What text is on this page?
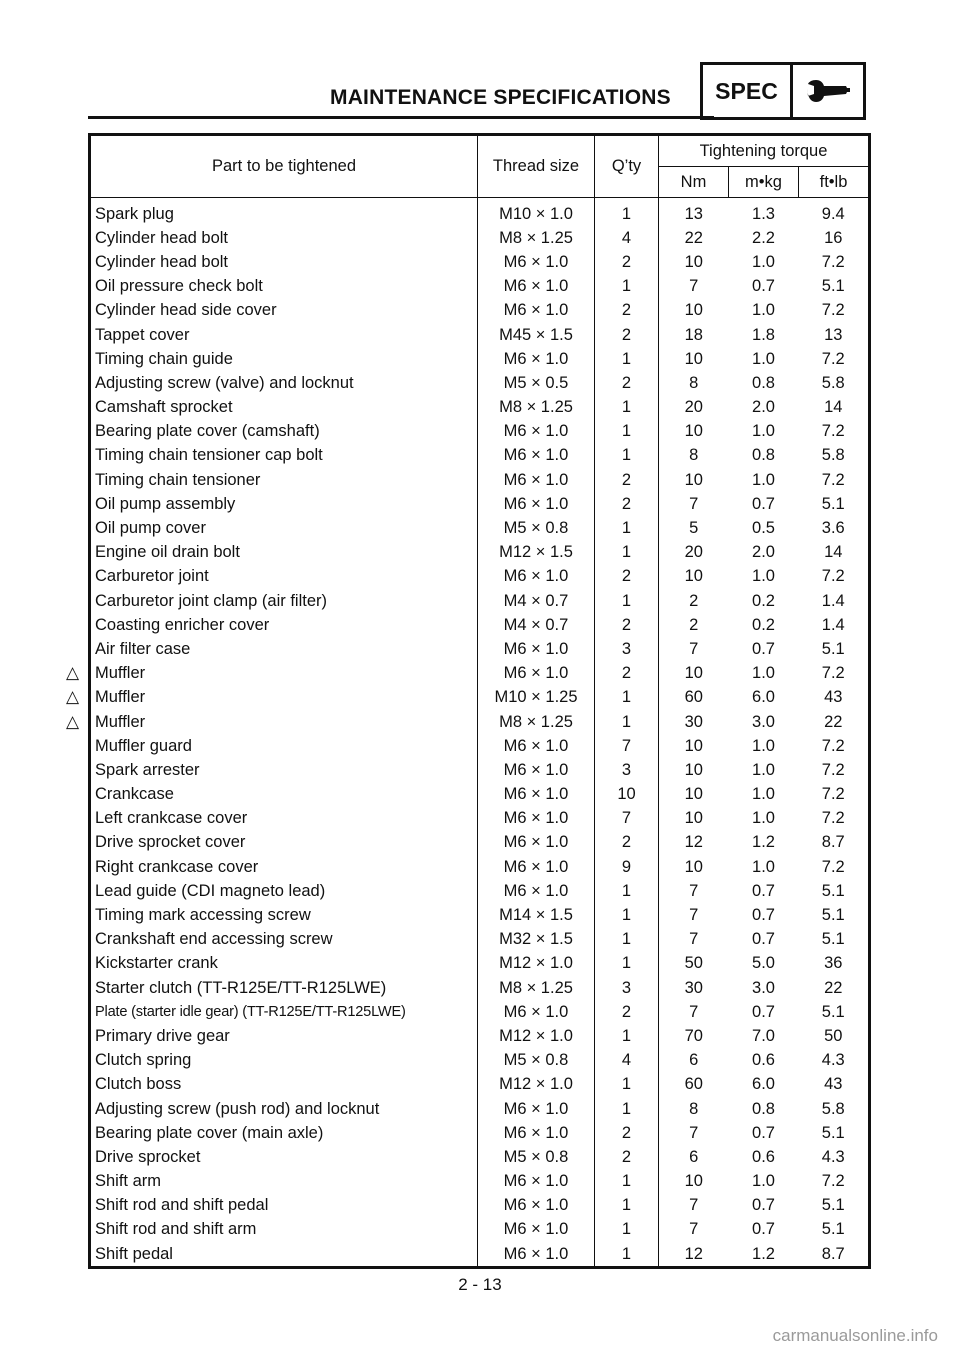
MAINTENANCE SPECIFICATIONS	SPEC
Part to be tightened	Thread size	Q’ty	Tightening torque		
			Nm	m•kg	ft•lb
Spark plug	M10 × 1.0	1	13	1.3	9.4
Cylinder head bolt	M8 × 1.25	4	22	2.2	16
Cylinder head bolt	M6 × 1.0	2	10	1.0	7.2
Oil pressure check bolt	M6 × 1.0	1	7	0.7	5.1
Cylinder head side cover	M6 × 1.0	2	10	1.0	7.2
Tappet cover	M45 × 1.5	2	18	1.8	13
Timing chain guide	M6 × 1.0	1	10	1.0	7.2
Adjusting screw (valve) and locknut	M5 × 0.5	2	8	0.8	5.8
Camshaft sprocket	M8 × 1.25	1	20	2.0	14
Bearing plate cover (camshaft)	M6 × 1.0	1	10	1.0	7.2
Timing chain tensioner cap bolt	M6 × 1.0	1	8	0.8	5.8
Timing chain tensioner	M6 × 1.0	2	10	1.0	7.2
Oil pump assembly	M6 × 1.0	2	7	0.7	5.1
Oil pump cover	M5 × 0.8	1	5	0.5	3.6
Engine oil drain bolt	M12 × 1.5	1	20	2.0	14
Carburetor joint	M6 × 1.0	2	10	1.0	7.2
Carburetor joint clamp (air filter)	M4 × 0.7	1	2	0.2	1.4
Coasting enricher cover	M4 × 0.7	2	2	0.2	1.4
Air filter case	M6 × 1.0	3	7	0.7	5.1

△ Muffler	M6 × 1.0	2	10	1.0	7.2

△ Muffler	M10 × 1.25	1	60	6.0	43

△ Muffler	M8 × 1.25	1	30	3.0	22
Muffler guard	M6 × 1.0	7	10	1.0	7.2
Spark arrester	M6 × 1.0	3	10	1.0	7.2
Crankcase	M6 × 1.0	10	10	1.0	7.2
Left crankcase cover	M6 × 1.0	7	10	1.0	7.2
Drive sprocket cover	M6 × 1.0	2	12	1.2	8.7
Right crankcase cover	M6 × 1.0	9	10	1.0	7.2
Lead guide (CDI magneto lead)	M6 × 1.0	1	7	0.7	5.1
Timing mark accessing screw	M14 × 1.5	1	7	0.7	5.1
Crankshaft end accessing screw	M32 × 1.5	1	7	0.7	5.1
Kickstarter crank	M12 × 1.0	1	50	5.0	36
Starter clutch (TT-R125E/TT-R125LWE)	M8 × 1.25	3	30	3.0	22
Plate (starter idle gear) (TT-R125E/TT-R125LWE)	M6 × 1.0	2	7	0.7	5.1
Primary drive gear	M12 × 1.0	1	70	7.0	50
Clutch spring	M5 × 0.8	4	6	0.6	4.3
Clutch boss	M12 × 1.0	1	60	6.0	43
Adjusting screw (push rod) and locknut	M6 × 1.0	1	8	0.8	5.8
Bearing plate cover (main axle)	M6 × 1.0	2	7	0.7	5.1
Drive sprocket	M5 × 0.8	2	6	0.6	4.3
Shift arm	M6 × 1.0	1	10	1.0	7.2
Shift rod and shift pedal	M6 × 1.0	1	7	0.7	5.1
Shift rod and shift arm	M6 × 1.0	1	7	0.7	5.1
Shift pedal	M6 × 1.0	1	12	1.2	8.7
2 - 13
carmanualsonline.info
